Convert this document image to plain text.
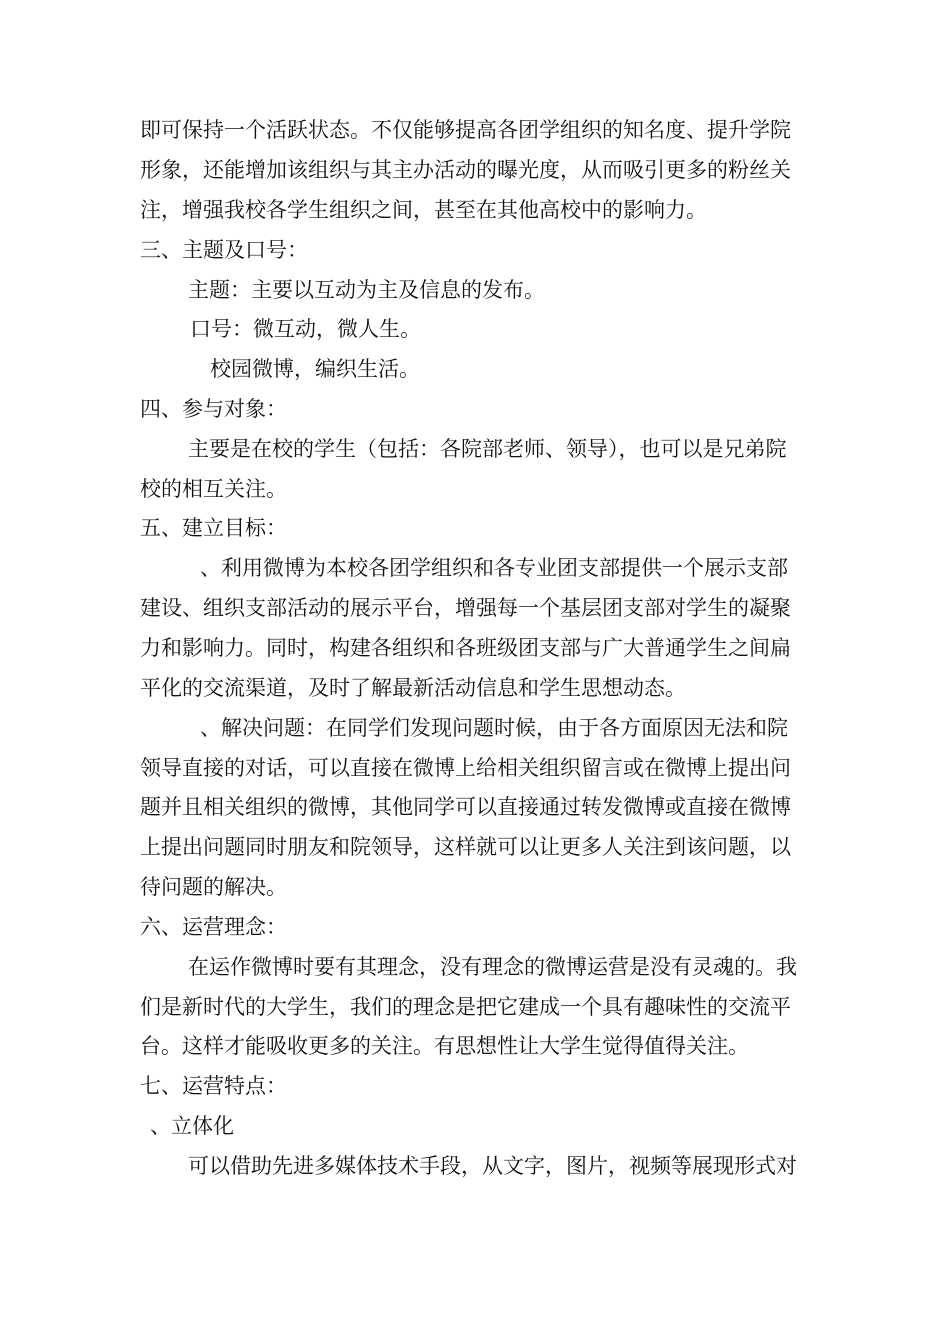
即可保持一个活跃状态。不仅能够提高各团学组织的知名度、提升学院
形象，还能增加该组织与其主办活动的曝光度，从而吸引更多的粉丝关
注，增强我校各学生组织之间，甚至在其他高校中的影响力。
三、主题及口号：
主题：主要以互动为主及信息的发布。
口号：微互动，微人生。
校园微博，编织生活。
四、参与对象：
主要是在校的学生（包括：各院部老师、领导），也可以是兄弟院
校的相互关注。
五、建立目标：
、利用微博为本校各团学组织和各专业团支部提供一个展示支部
建设、组织支部活动的展示平台，增强每一个基层团支部对学生的凝聚
力和影响力。同时，构建各组织和各班级团支部与广大普通学生之间扁
平化的交流渠道，及时了解最新活动信息和学生思想动态。
、解决问题：在同学们发现问题时候，由于各方面原因无法和院
领导直接的对话，可以直接在微博上给相关组织留言或在微博上提出问
题并且相关组织的微博，其他同学可以直接通过转发微博或直接在微博
上提出问题同时朋友和院领导，这样就可以让更多人关注到该问题，以
待问题的解决。
六、运营理念：
在运作微博时要有其理念，没有理念的微博运营是没有灵魂的。我
们是新时代的大学生，我们的理念是把它建成一个具有趣味性的交流平
台。这样才能吸收更多的关注。有思想性让大学生觉得值得关注。
七、运营特点：
、立体化
可以借助先进多媒体技术手段，从文字，图片，视频等展现形式对
